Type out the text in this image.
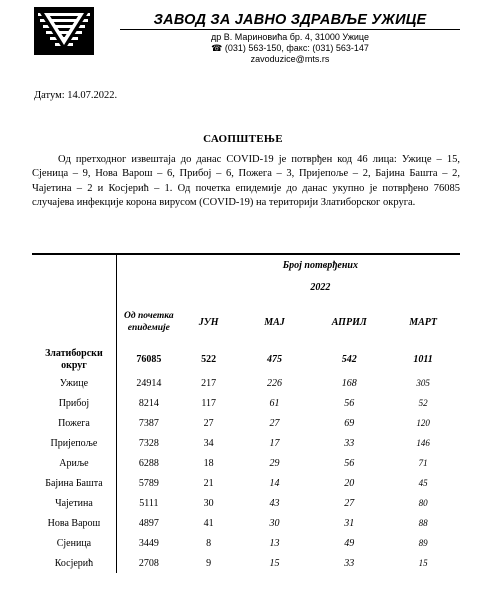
ЗАВОД ЗА ЈАВНО ЗДРАВЉЕ УЖИЦЕ
др В. Мариновића бр. 4, 31000 Ужице
☎ (031) 563-150, факс: (031) 563-147
zavoduzice@mts.rs
Датум: 14.07.2022.
САОПШТЕЊЕ
Од претходног извештаја до данас COVID-19 је потврђен код 46 лица: Ужице – 15, Сјеница – 9, Нова Варош – 6, Прибој – 6, Пожега – 3, Пријепоље – 2, Бајина Башта – 2, Чајетина – 2 и Косјерић – 1. Од почетка епидемије до данас укупно је потврђено 76085 случајева инфекције корона вирусом (COVID-19) на територији Златиборског округа.
		Број потврђених			
		2022			
	Од почетка епидемије	ЈУН	МАЈ	АПРИЛ	МАРТ
Златиборски округ	76085	522	475	542	1011
Ужице	24914	217	226	168	305
Прибој	8214	117	61	56	52
Пожега	7387	27	27	69	120
Пријепоље	7328	34	17	33	146
Ариље	6288	18	29	56	71
Бајина Башта	5789	21	14	20	45
Чајетина	5111	30	43	27	80
Нова Варош	4897	41	30	31	88
Сјеница	3449	8	13	49	89
Косјерић	2708	9	15	33	15
